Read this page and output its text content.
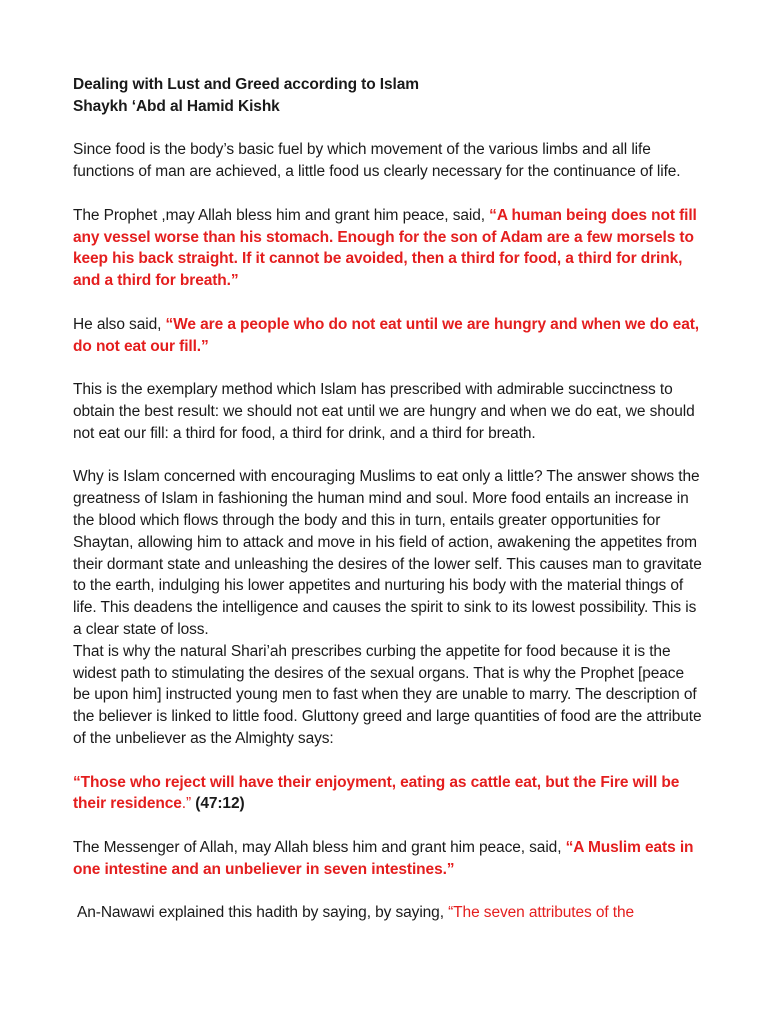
Dealing with Lust and Greed according to Islam
Shaykh ‘Abd al Hamid Kishk

Since food is the body’s basic fuel by which movement of the various limbs and all life functions of man are achieved, a little food us clearly necessary for the continuance of life.

The Prophet ,may Allah bless him and grant him peace, said, “A human being does not fill any vessel worse than his stomach. Enough for the son of Adam are a few morsels to keep his back straight. If it cannot be avoided, then a third for food, a third for drink, and a third for breath.”

He also said, “We are a people who do not eat until we are hungry and when we do eat, do not eat our fill.”

This is the exemplary method which Islam has prescribed with admirable succinctness to obtain the best result: we should not eat until we are hungry and when we do eat, we should not eat our fill: a third for food, a third for drink, and a third for breath.

Why is Islam concerned with encouraging Muslims to eat only a little? The answer shows the greatness of Islam in fashioning the human mind and soul. More food entails an increase in the blood which flows through the body and this in turn, entails greater opportunities for Shaytan, allowing him to attack and move in his field of action, awakening the appetites from their dormant state and unleashing the desires of the lower self. This causes man to gravitate to the earth, indulging his lower appetites and nurturing his body with the material things of life. This deadens the intelligence and causes the spirit to sink to its lowest possibility. This is a clear state of loss.

That is why the natural Shari’ah prescribes curbing the appetite for food because it is the widest path to stimulating the desires of the sexual organs. That is why the Prophet [peace be upon him] instructed young men to fast when they are unable to marry. The description of the believer is linked to little food. Gluttony greed and large quantities of food are the attribute of the unbeliever as the Almighty says:

“Those who reject will have their enjoyment, eating as cattle eat, but the Fire will be their residence.” (47:12)

The Messenger of Allah, may Allah bless him and grant him peace, said, “A Muslim eats in one intestine and an unbeliever in seven intestines.”

An-Nawawi explained this hadith by saying, by saying, “The seven attributes of the
